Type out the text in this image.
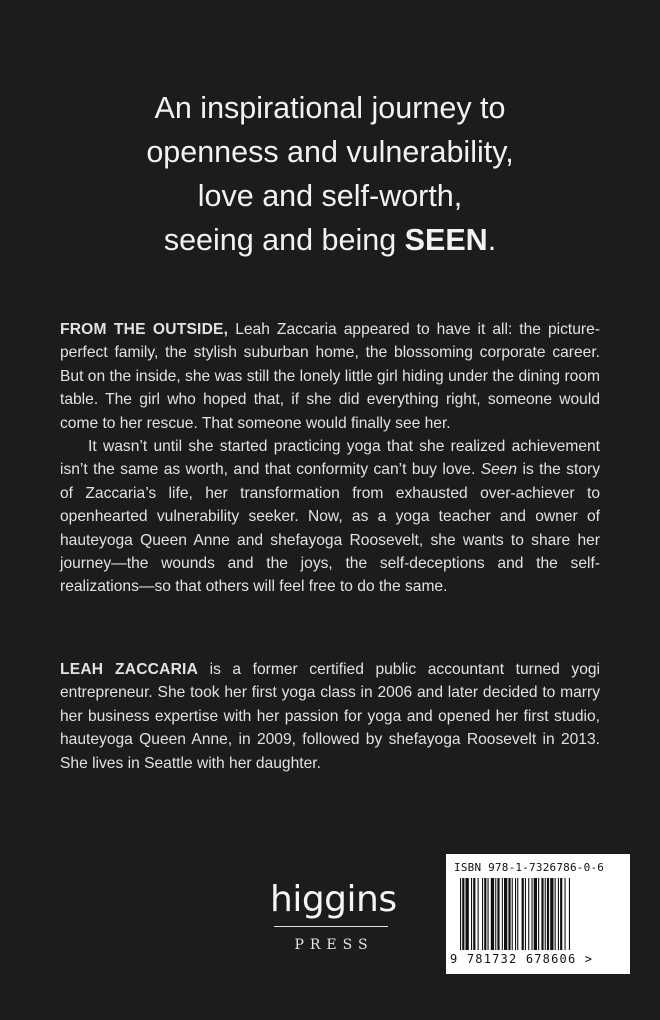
An inspirational journey to
openness and vulnerability,
love and self-worth,
seeing and being SEEN.

FROM THE OUTSIDE, Leah Zaccaria appeared to have it all: the picture-perfect family, the stylish suburban home, the blossoming corporate career. But on the inside, she was still the lonely little girl hiding under the dining room table. The girl who hoped that, if she did everything right, someone would come to her rescue. That someone would finally see her.

It wasn’t until she started practicing yoga that she realized achievement isn’t the same as worth, and that conformity can’t buy love. Seen is the story of Zaccaria’s life, her transformation from exhausted over-achiever to openhearted vulnerability seeker. Now, as a yoga teacher and owner of hauteyoga Queen Anne and shefayoga Roosevelt, she wants to share her journey—the wounds and the joys, the self-deceptions and the self-realizations—so that others will feel free to do the same.

LEAH ZACCARIA is a former certified public accountant turned yogi entrepreneur. She took her first yoga class in 2006 and later decided to marry her business expertise with her passion for yoga and opened her first studio, hauteyoga Queen Anne, in 2009, followed by shefayoga Roosevelt in 2013. She lives in Seattle with her daughter.

higgins
PRESS
ISBN 978-1-7326786-0-6
9 781732 678606 >
